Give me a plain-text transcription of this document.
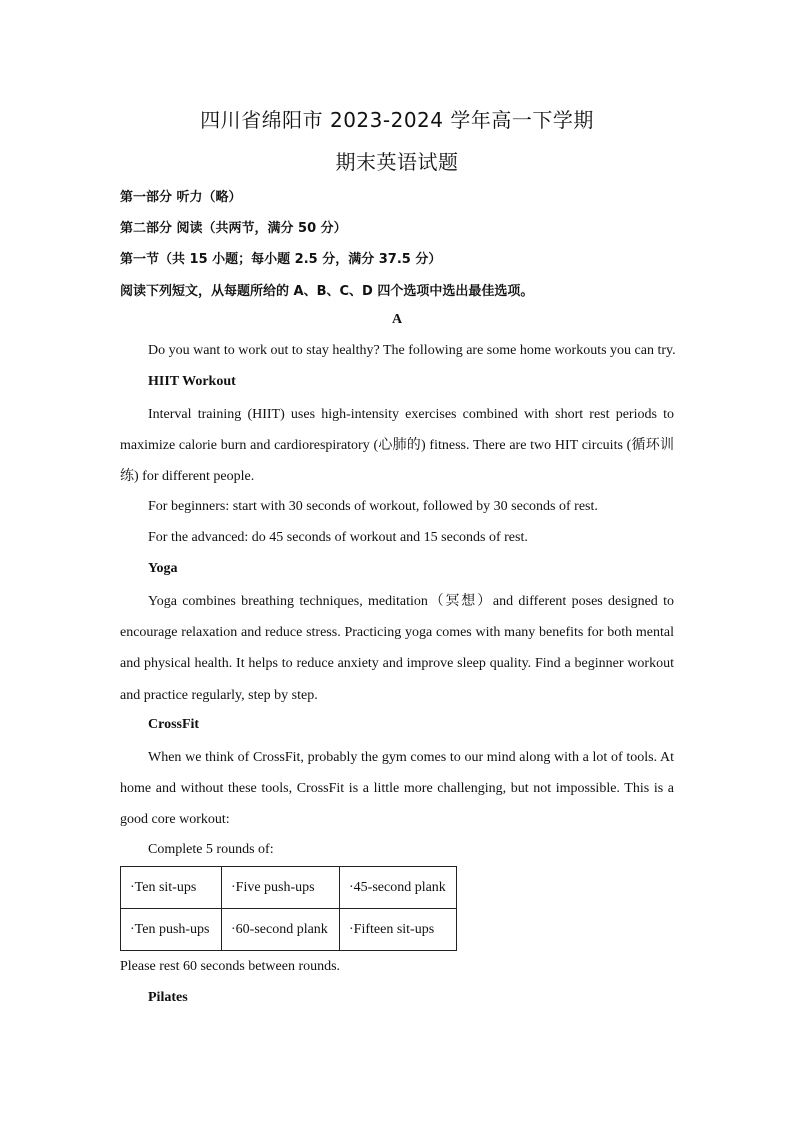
四川省绵阳市 2023-2024 学年高一下学期
期末英语试题
第一部分 听力（略）
第二部分 阅读（共两节，满分 50 分）
第一节（共 15 小题；每小题 2.5 分，满分 37.5 分）
阅读下列短文，从每题所给的 A、B、C、D 四个选项中选出最佳选项。
A
Do you want to work out to stay healthy? The following are some home workouts you can try.
HIIT Workout
Interval training (HIIT) uses high-intensity exercises combined with short rest periods to maximize calorie burn and cardiorespiratory (心肺的) fitness. There are two HIT circuits (循环训练) for different people.
For beginners: start with 30 seconds of workout, followed by 30 seconds of rest.
For the advanced: do 45 seconds of workout and 15 seconds of rest.
Yoga
Yoga combines breathing techniques, meditation（冥想）and different poses designed to encourage relaxation and reduce stress. Practicing yoga comes with many benefits for both mental and physical health. It helps to reduce anxiety and improve sleep quality. Find a beginner workout and practice regularly, step by step.
CrossFit
When we think of CrossFit, probably the gym comes to our mind along with a lot of tools. At home and without these tools, CrossFit is a little more challenging, but not impossible. This is a good core workout:
Complete 5 rounds of:
·Ten sit-ups	·Five push-ups	·45-second plank
·Ten push-ups	·60-second plank	·Fifteen sit-ups
Please rest 60 seconds between rounds.
Pilates
